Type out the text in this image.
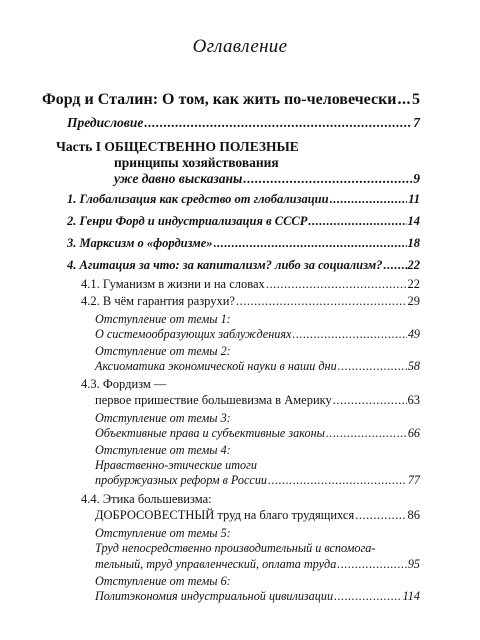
Оглавление
Форд и Сталин: О том, как жить по-человечески ..... 5
Предисловие .....	7
Часть I ОБЩЕСТВЕННО ПОЛЕЗНЫЕ
принципы хозяйствования
уже давно высказаны .....	9
1. Глобализация как средство от глобализации .....	11
2. Генри Форд и индустриализация в СССР .....	14
3. Марксизм о «фордизме» .....	18
4. Агитация за что: за капитализм? либо за социализм? ..... 22
4.1. Гуманизм в жизни и на словах .....	22
4.2. В чём гарантия разрухи? .....	29
Отступление от темы 1:
О системообразующих заблуждениях .....	49
Отступление от темы 2:
Аксиоматика экономической науки в наши дни .....	58
4.3. Фордизм —
первое пришествие большевизма в Америку .....	63
Отступление от темы 3:
Объективные права и субъективные законы .....	66
Отступление от темы 4:
Нравственно-этические итоги
пробуржуазных реформ в России .....	77
4.4. Этика большевизма:
ДОБРОСОВЕСТНЫЙ труд на благо трудящихся .....	86
Отступление от темы 5:
Труд непосредственно производительный и вспомога-
тельный, труд управленческий, оплата труда .....	95
Отступление от темы 6:
Политэкономия индустриальной цивилизации .....	114
